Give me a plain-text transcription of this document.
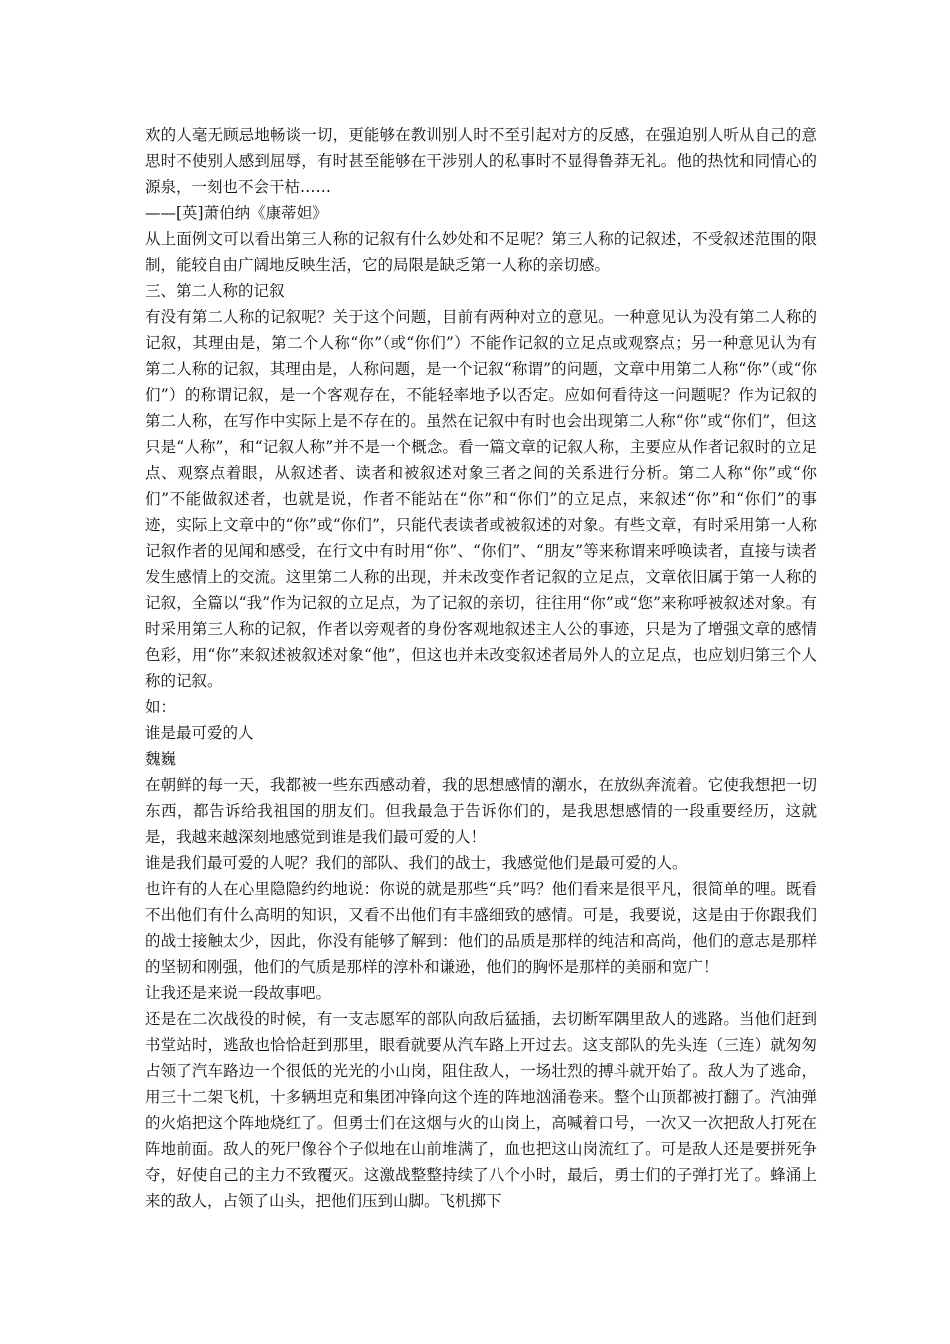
欢的人毫无顾忌地畅谈一切，更能够在教训别人时不至引起对方的反感，在强迫别人听从自己的意思时不使别人感到屈辱，有时甚至能够在干涉别人的私事时不显得鲁莽无礼。他的热忱和同情心的源泉，一刻也不会干枯……

——[英]萧伯纳《康蒂妲》

从上面例文可以看出第三人称的记叙有什么妙处和不足呢？第三人称的记叙述，不受叙述范围的限制，能较自由广阔地反映生活，它的局限是缺乏第一人称的亲切感。

三、第二人称的记叙

有没有第二人称的记叙呢？关于这个问题，目前有两种对立的意见。一种意见认为没有第二人称的记叙，其理由是，第二个人称“你”（或“你们”）不能作记叙的立足点或观察点；另一种意见认为有第二人称的记叙，其理由是，人称问题，是一个记叙“称谓”的问题，文章中用第二人称“你”（或“你们”）的称谓记叙，是一个客观存在，不能轻率地予以否定。应如何看待这一问题呢？作为记叙的第二人称，在写作中实际上是不存在的。虽然在记叙中有时也会出现第二人称“你”或“你们”，但这只是“人称”，和“记叙人称”并不是一个概念。看一篇文章的记叙人称，主要应从作者记叙时的立足点、观察点着眼，从叙述者、读者和被叙述对象三者之间的关系进行分析。第二人称“你”或“你们”不能做叙述者，也就是说，作者不能站在“你”和“你们”的立足点，来叙述“你”和“你们”的事迹，实际上文章中的“你”或“你们”，只能代表读者或被叙述的对象。有些文章，有时采用第一人称记叙作者的见闻和感受，在行文中有时用“你”、“你们”、“朋友”等来称谓来呼唤读者，直接与读者发生感情上的交流。这里第二人称的出现，并未改变作者记叙的立足点，文章依旧属于第一人称的记叙，全篇以“我”作为记叙的立足点，为了记叙的亲切，往往用“你”或“您”来称呼被叙述对象。有时采用第三人称的记叙，作者以旁观者的身份客观地叙述主人公的事迹，只是为了增强文章的感情色彩，用“你”来叙述被叙述对象“他”，但这也并未改变叙述者局外人的立足点，也应划归第三个人称的记叙。

如：

谁是最可爱的人

魏巍

在朝鲜的每一天，我都被一些东西感动着，我的思想感情的潮水，在放纵奔流着。它使我想把一切东西，都告诉给我祖国的朋友们。但我最急于告诉你们的，是我思想感情的一段重要经历，这就是，我越来越深刻地感觉到谁是我们最可爱的人！

谁是我们最可爱的人呢？我们的部队、我们的战士，我感觉他们是最可爱的人。

也许有的人在心里隐隐约约地说：你说的就是那些“兵”吗？他们看来是很平凡，很简单的哩。既看不出他们有什么高明的知识，又看不出他们有丰盛细致的感情。可是，我要说，这是由于你跟我们的战士接触太少，因此，你没有能够了解到：他们的品质是那样的纯洁和高尚，他们的意志是那样的坚韧和刚强，他们的气质是那样的淳朴和谦逊，他们的胸怀是那样的美丽和宽广！

让我还是来说一段故事吧。

还是在二次战役的时候，有一支志愿军的部队向敌后猛插，去切断军隅里敌人的逃路。当他们赶到书堂站时，逃敌也恰恰赶到那里，眼看就要从汽车路上开过去。这支部队的先头连（三连）就匆匆占领了汽车路边一个很低的光光的小山岗，阻住敌人，一场壮烈的搏斗就开始了。敌人为了逃命，用三十二架飞机，十多辆坦克和集团冲锋向这个连的阵地汹涌卷来。整个山顶都被打翻了。汽油弹的火焰把这个阵地烧红了。但勇士们在这烟与火的山岗上，高喊着口号，一次又一次把敌人打死在阵地前面。敌人的死尸像谷个子似地在山前堆满了，血也把这山岗流红了。可是敌人还是要拼死争夺，好使自己的主力不致覆灭。这激战整整持续了八个小时，最后，勇士们的子弹打光了。蜂涌上来的敌人，占领了山头，把他们压到山脚。飞机掷下
